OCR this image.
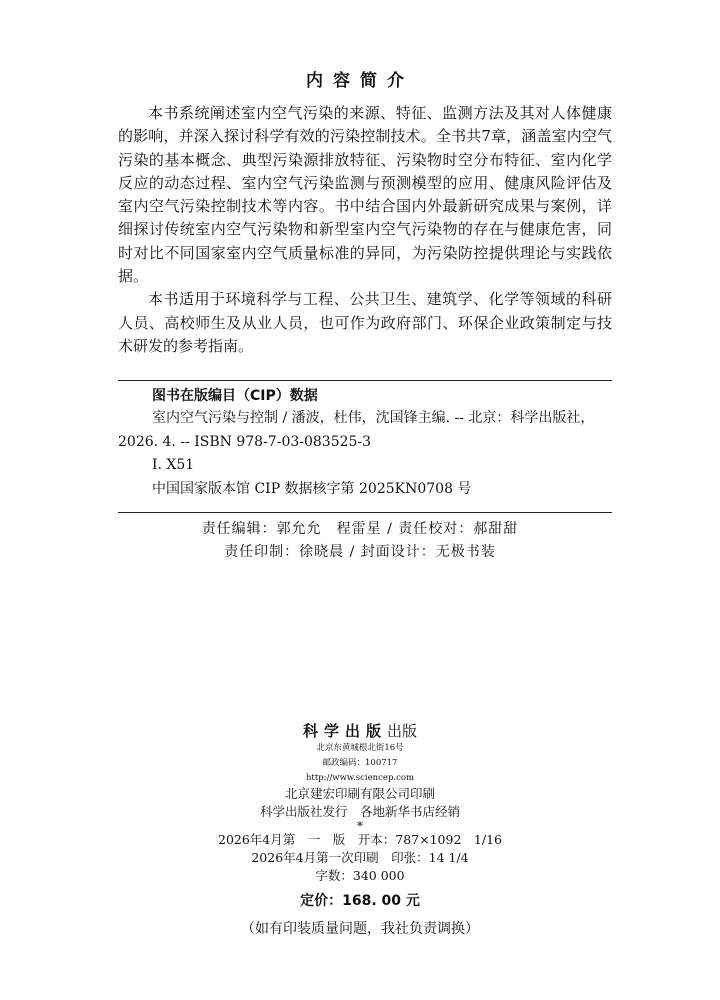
内容简介

本书系统阐述室内空气污染的来源、特征、监测方法及其对人体健康的影响，并深入探讨科学有效的污染控制技术。全书共7章，涵盖室内空气污染的基本概念、典型污染源排放特征、污染物时空分布特征、室内化学反应的动态过程、室内空气污染监测与预测模型的应用、健康风险评估及室内空气污染控制技术等内容。书中结合国内外最新研究成果与案例，详细探讨传统室内空气污染物和新型室内空气污染物的存在与健康危害，同时对比不同国家室内空气质量标准的异同，为污染防控提供理论与实践依据。

本书适用于环境科学与工程、公共卫生、建筑学、化学等领域的科研人员、高校师生及从业人员，也可作为政府部门、环保企业政策制定与技术研发的参考指南。

图书在版编目（CIP）数据
室内空气污染与控制 / 潘波，杜伟，沈国锋主编. -- 北京：科学出版社，2026. 4. -- ISBN 978-7-03-083525-3
Ⅰ. X51
中国国家版本馆 CIP 数据核字第 2025KN0708 号
责任编辑：郭允允　程雷星 / 责任校对：郝甜甜
责任印制：徐晓晨 / 封面设计：无极书装
科学出版出版
北京东黄城根北街16号
邮政编码：100717
http://www.sciencep.com
北京建宏印刷有限公司印刷
科学出版社发行　各地新华书店经销
*
2026年4月第　一　版　开本：787×1092　1/16
2026年4月第一次印刷　印张：14 1/4
字数：340 000
定价：168. 00 元
（如有印装质量问题，我社负责调换）
